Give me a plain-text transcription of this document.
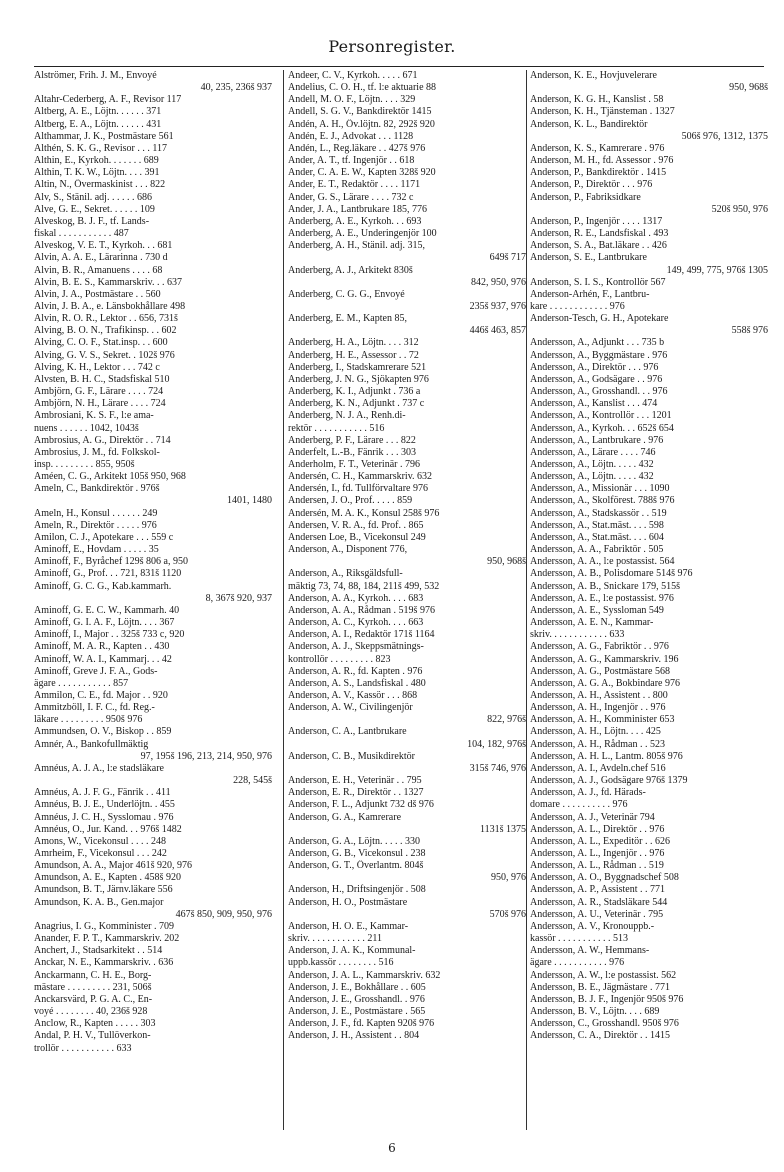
Personregister.
Alströmer, Frih. J. M., Envoyé
40, 235, 236š 937
Altahr-Cederberg, A. F., Revisor 117
Altberg, A. E., Löjtn. . . . . . 371
Altberg, E. A., Löjtn. . . . . . 431
Althammar, J. K., Postmästare 561
Althén, S. K. G., Revisor . . . 117
Althin, E., Kyrkoh. . . . . . . 689
Althin, T. K. W., Löjtn. . . . 391
Altin, N., Övermaskinist . . . 822
Alv, S., Stänil. adj. . . . . . 686
Alve, G. E., Sekret. . . . . . 109
Alveskog, B. J. F., tf. Lands-
fiskal . . . . . . . . . . . 487
Alveskog, V. E. T., Kyrkoh. . . 681
Alvin, A. A. E., Lärarinna . 730 d
Alvin, B. R., Amanuens . . . . 68
Alvin, B. E. S., Kammarskriv. . . 637
Alvin, J. A., Postmästare . . 560
Alvin, J. B. A., e. Länsbokhållare 498
Alvin, R. O. R., Lektor . . 656, 731š
Alving, B. O. N., Trafikinsp. . . 602
Alving, C. O. F., Stat.insp. . . 600
Alving, G. V. S., Sekret. . 102š 976
Alving, K. H., Lektor . . . 742 c
Alvsten, B. H. C., Stadsfiskal 510
Ambjörn, G. F., Lärare . . . . 724
Ambjörn, N. H., Lärare . . . . 724
Ambrosiani, K. S. F., l:e ama-
nuens . . . . . . 1042, 1043š
Ambrosius, A. G., Direktör . . 714
Ambrosius, J. M., fd. Folkskol-
insp. . . . . . . . . 855, 950š
Améen, C. G., Arkitekt 105š 950, 968
Ameln, C., Bankdirektör . 976š
1401, 1480
Ameln, H., Konsul . . . . . . 249
Ameln, R., Direktör . . . . . 976
Amilon, C. J., Apotekare . . . 559 c
Aminoff, E., Hovdam . . . . . 35
Aminoff, F., Byråchef 129š 806 a, 950
Aminoff, G., Prof. . . 721, 831š 1120
Aminoff, G. C. G., Kab.kammarh.
8, 367š 920, 937
Aminoff, G. E. C. W., Kammarh. 40
Aminoff, G. I. A. F., Löjtn. . . . 367
Aminoff, I., Major . . 325š 733 c, 920
Aminoff, M. A. R., Kapten . . 430
Aminoff, W. A. I., Kammarj. . . 42
Aminoff, Greve J. F. A., Gods-
ägare . . . . . . . . . . . 857
Ammilon, C. E., fd. Major . . 920
Ammitzböll, I. F. C., fd. Reg.-
läkare . . . . . . . . . 950š 976
Ammundsen, O. V., Biskop . . 859
Amnér, A., Bankofullmäktig
97, 195š 196, 213, 214, 950, 976
Amnéus, A. J. A., l:e stadsläkare
228, 545š
Amnéus, A. J. F. G., Fänrik . . 411
Amnéus, B. J. E., Underlöjtn. . 455
Amnéus, J. C. H., Sysslomau . 976
Amnéus, O., Jur. Kand. . . 976š 1482
Amons, W., Vicekonsul . . . . 248
Amrheim, F., Vicekonsul . . . 242
Amundson, A. A., Major 461š 920, 976
Amundson, A. E., Kapten . 458š 920
Amundson, B. T., Järnv.läkare 556
Amundson, K. A. B., Gen.major
467š 850, 909, 950, 976
Anagrius, I. G., Komminister . 709
Anander, F. P. T., Kammarskriv. 202
Anchert, J., Stadsarkitekt . . 514
Anckar, N. E., Kammarskriv. . 636
Anckarmann, C. H. E., Borg-
mästare . . . . . . . . . 231, 506š
Anckarsvärd, P. G. A. C., En-
voyé . . . . . . . . 40, 236š 928
Anclow, R., Kapten . . . . . 303
Andal, P. H. V., Tullöverkon-
trollör . . . . . . . . . . . 633
Andeer, C. V., Kyrkoh. . . . . 671
Andelius, C. O. H., tf. l:e aktuarie 88
Andell, M. O. F., Löjtn. . . . 329
Andell, S. G. V., Bankdirektör 1415
Andén, A. H., Öv.löjtn. 82, 292š 920
Andén, E. J., Advokat . . . 1128
Andén, L., Reg.läkare . . 427š 976
Ander, A. T., tf. Ingenjör . . 618
Ander, C. A. E. W., Kapten 328š 920
Ander, E. T., Redaktör . . . . 1171
Ander, G. S., Lärare . . . . 732 c
Ander, J. A., Lantbrukare 185, 776
Anderberg, A. E., Kyrkoh. . . 693
Anderberg, A. E., Underingenjör 100
Anderberg, A. H., Stänil. adj. 315,
649š 717
Anderberg, A. J., Arkitekt 830š
842, 950, 976
Anderberg, C. G. G., Envoyé
235š 937, 976
Anderberg, E. M., Kapten 85,
446š 463, 857
Anderberg, H. A., Löjtn. . . . 312
Anderberg, H. E., Assessor . . 72
Anderberg, I., Stadskamrerare 521
Anderberg, J. N. G., Sjökapten 976
Anderberg, K. I., Adjunkt . 736 a
Anderberg, K. N., Adjunkt . 737 c
Anderberg, N. J. A., Renh.di-
rektör . . . . . . . . . . . 516
Anderberg, P. F., Lärare . . . 822
Anderfelt, L.-B., Fänrik . . . 303
Anderholm, F. T., Veterinär . 796
Andersén, C. H., Kammarskriv. 632
Andersén, I., fd. Tullförvaltare 976
Andersen, J. O., Prof. . . . . 859
Andersén, M. A. K., Konsul 258š 976
Andersen, V. R. A., fd. Prof. . 865
Andersen Loe, B., Vicekonsul 249
Anderson, A., Disponent 776,
950, 968š
Anderson, A., Riksgäldsfull-
mäktig 73, 74, 88, 184, 211š 499, 532
Anderson, A. A., Kyrkoh. . . . 683
Anderson, A. A., Rådman . 519š 976
Anderson, A. C., Kyrkoh. . . . 663
Anderson, A. I., Redaktör 171š 1164
Anderson, A. J., Skeppsmätnings-
kontrollör . . . . . . . . . 823
Anderson, A. R., fd. Kapten . 976
Anderson, A. S., Landsfiskal . 480
Anderson, A. V., Kassör . . . 868
Anderson, A. W., Civilingenjör
822, 976š
Anderson, C. A., Lantbrukare
104, 182, 976š
Anderson, C. B., Musikdirektör
315š 746, 976
Anderson, E. H., Veterinär . . 795
Anderson, E. R., Direktör . . 1327
Anderson, F. L., Adjunkt 732 dš 976
Anderson, G. A., Kamrerare
1131š 1375
Anderson, G. A., Löjtn. . . . . 330
Anderson, G. B., Vicekonsul . 238
Anderson, G. T., Överlantm. 804š
950, 976
Anderson, H., Driftsingenjör . 508
Anderson, H. O., Postmästare
570š 976
Anderson, H. O. E., Kammar-
skriv. . . . . . . . . . . . 211
Anderson, J. A. K., Kommunal-
uppb.kassör . . . . . . . . 516
Anderson, J. A. L., Kammarskriv. 632
Anderson, J. E., Bokhållare . . 605
Anderson, J. E., Grosshandl. . 976
Anderson, J. E., Postmästare . 565
Anderson, J. F., fd. Kapten 920š 976
Anderson, J. H., Assistent . . 804
Anderson, K. E., Hovjuvelerare
950, 968š
Anderson, K. G. H., Kanslist . 58
Anderson, K. H., Tjänsteman . 1327
Anderson, K. L., Bandirektör
506š 976, 1312, 1375
Anderson, K. S., Kamrerare . 976
Anderson, M. H., fd. Assessor . 976
Anderson, P., Bankdirektör . 1415
Anderson, P., Direktör . . . 976
Anderson, P., Fabriksidkare
520š 950, 976
Anderson, P., Ingenjör . . . . 1317
Anderson, R. E., Landsfiskal . 493
Anderson, S. A., Bat.läkare . . 426
Anderson, S. E., Lantbrukare
149, 499, 775, 976š 1305
Anderson, S. I. S., Kontrollör 567
Anderson-Arhén, F., Lantbru-
kare . . . . . . . . . . . . 976
Anderson-Tesch, G. H., Apotekare
558š 976
Andersson, A., Adjunkt . . . 735 b
Andersson, A., Byggmästare . 976
Andersson, A., Direktör . . . 976
Andersson, A., Godsägare . . 976
Andersson, A., Grosshandl. . . 976
Andersson, A., Kanslist . . . 474
Andersson, A., Kontrollör . . . 1201
Andersson, A., Kyrkoh. . . 652š 654
Andersson, A., Lantbrukare . 976
Andersson, A., Lärare . . . . 746
Andersson, A., Löjtn. . . . . 432
Andersson, A., Löjtn. . . . . 432
Andersson, A., Missionär . . . 1090
Andersson, A., Skolförest. 788š 976
Andersson, A., Stadskassör . . 519
Andersson, A., Stat.mäst. . . . 598
Andersson, A., Stat.mäst. . . . 604
Andersson, A. A., Fabriktör . 505
Andersson, A. A., l:e postassist. 564
Andersson, A. B., Polisdomare 514š 976
Andersson, A. B., Snickare 179, 515š
Andersson, A. E., l:e postassist. 976
Andersson, A. E., Syssloman 549
Andersson, A. E. N., Kammar-
skriv. . . . . . . . . . . . 633
Andersson, A. G., Fabriktör . . 976
Andersson, A. G., Kammarskriv. 196
Andersson, A. G., Postmästare 568
Andersson, A. G. A., Bokbindare 976
Andersson, A. H., Assistent . . 800
Andersson, A. H., Ingenjör . . 976
Andersson, A. H., Komminister 653
Andersson, A. H., Löjtn. . . . 425
Andersson, A. H., Rådman . . 523
Andersson, A. H. L., Lantm. 805š 976
Andersson, A. I., Avdeln.chef 516
Andersson, A. J., Godsägare 976š 1379
Andersson, A. J., fd. Härads-
domare . . . . . . . . . . 976
Andersson, A. J., Veterinär 794
Andersson, A. L., Direktör . . 976
Andersson, A. L., Expeditör . . 626
Andersson, A. L., Ingenjör . . 976
Andersson, A. L., Rådman . . 519
Andersson, A. O., Byggnadschef 508
Andersson, A. P., Assistent . . 771
Andersson, A. R., Stadsläkare 544
Andersson, A. U., Veterinär . 795
Andersson, A. V., Kronouppb.-
kassör . . . . . . . . . . . 513
Andersson, A. W., Hemmans-
ägare . . . . . . . . . . . 976
Andersson, A. W., l:e postassist. 562
Andersson, B. E., Jägmästare . 771
Andersson, B. J. F., Ingenjör 950š 976
Andersson, B. V., Löjtn. . . . 689
Andersson, C., Grosshandl. 950š 976
Andersson, C. A., Direktör . . 1415
6
